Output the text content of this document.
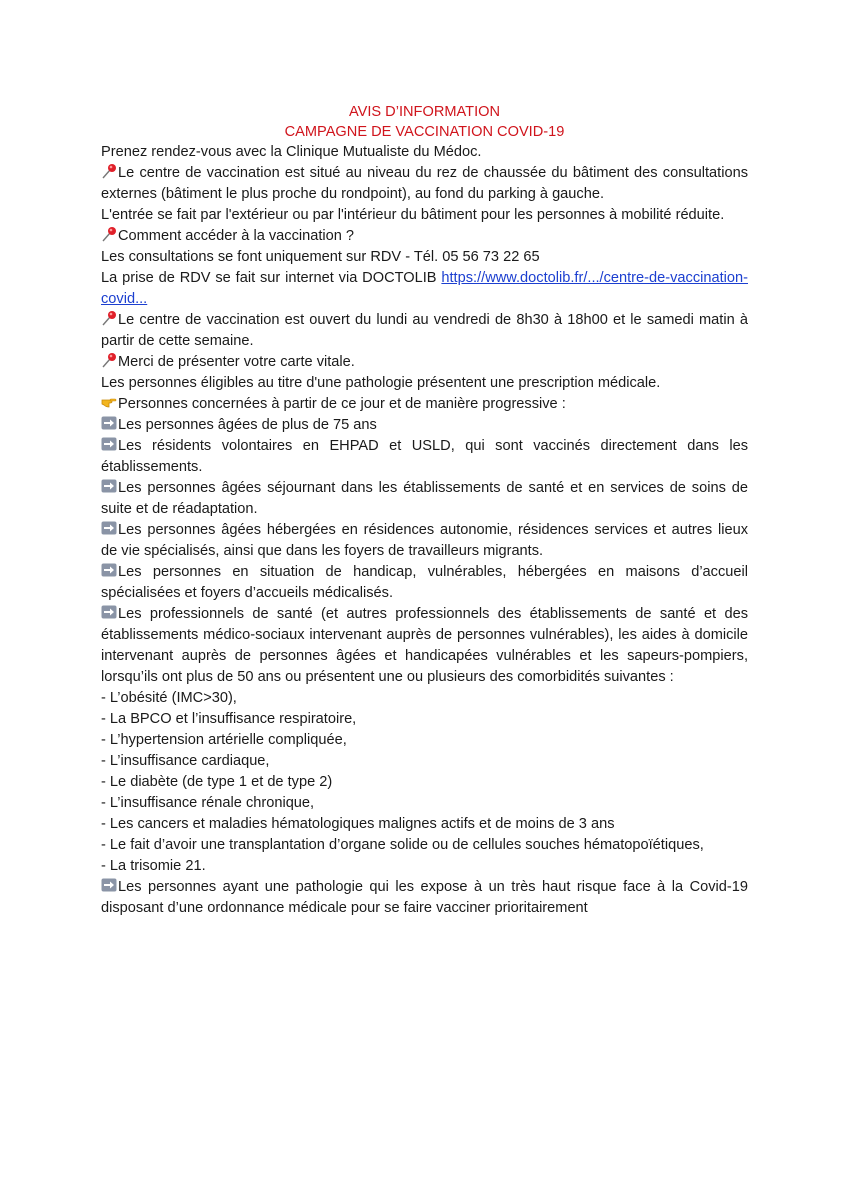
AVIS D’INFORMATION
CAMPAGNE DE VACCINATION COVID-19

Prenez rendez-vous avec la Clinique Mutualiste du Médoc.

Le centre de vaccination est situé au niveau du rez de chaussée du bâtiment des consultations externes (bâtiment le plus proche du rondpoint), au fond du parking à gauche.

L'entrée se fait par l'extérieur ou par l'intérieur du bâtiment pour les personnes à mobilité réduite.

Comment accéder à la vaccination ?

Les consultations se font uniquement sur RDV - Tél. 05 56 73 22 65

La prise de RDV se fait sur internet via DOCTOLIB https://www.doctolib.fr/.../centre-de-vaccination-covid...

Le centre de vaccination est ouvert du lundi au vendredi de 8h30 à 18h00 et le samedi matin à partir de cette semaine.

Merci de présenter votre carte vitale.

Les personnes éligibles au titre d'une pathologie présentent une prescription médicale.

Personnes concernées à partir de ce jour et de manière progressive :

Les personnes âgées de plus de 75 ans

Les résidents volontaires en EHPAD et USLD, qui sont vaccinés directement dans les établissements.

Les personnes âgées séjournant dans les établissements de santé et en services de soins de suite et de réadaptation.

Les personnes âgées hébergées en résidences autonomie, résidences services et autres lieux de vie spécialisés, ainsi que dans les foyers de travailleurs migrants.

Les personnes en situation de handicap, vulnérables, hébergées en maisons d’accueil spécialisées et foyers d’accueils médicalisés.

Les professionnels de santé (et autres professionnels des établissements de santé et des établissements médico-sociaux intervenant auprès de personnes vulnérables), les aides à domicile intervenant auprès de personnes âgées et handicapées vulnérables et les sapeurs-pompiers, lorsqu’ils ont plus de 50 ans ou présentent une ou plusieurs des comorbidités suivantes :

- L’obésité (IMC>30),

- La BPCO et l’insuffisance respiratoire,

- L’hypertension artérielle compliquée,

- L’insuffisance cardiaque,

- Le diabète (de type 1 et de type 2)

- L’insuffisance rénale chronique,

- Les cancers et maladies hématologiques malignes actifs et de moins de 3 ans

- Le fait d’avoir une transplantation d’organe solide ou de cellules souches hématopoïétiques,

- La trisomie 21.

Les personnes ayant une pathologie qui les expose à un très haut risque face à la Covid-19 disposant d’une ordonnance médicale pour se faire vacciner prioritairement
